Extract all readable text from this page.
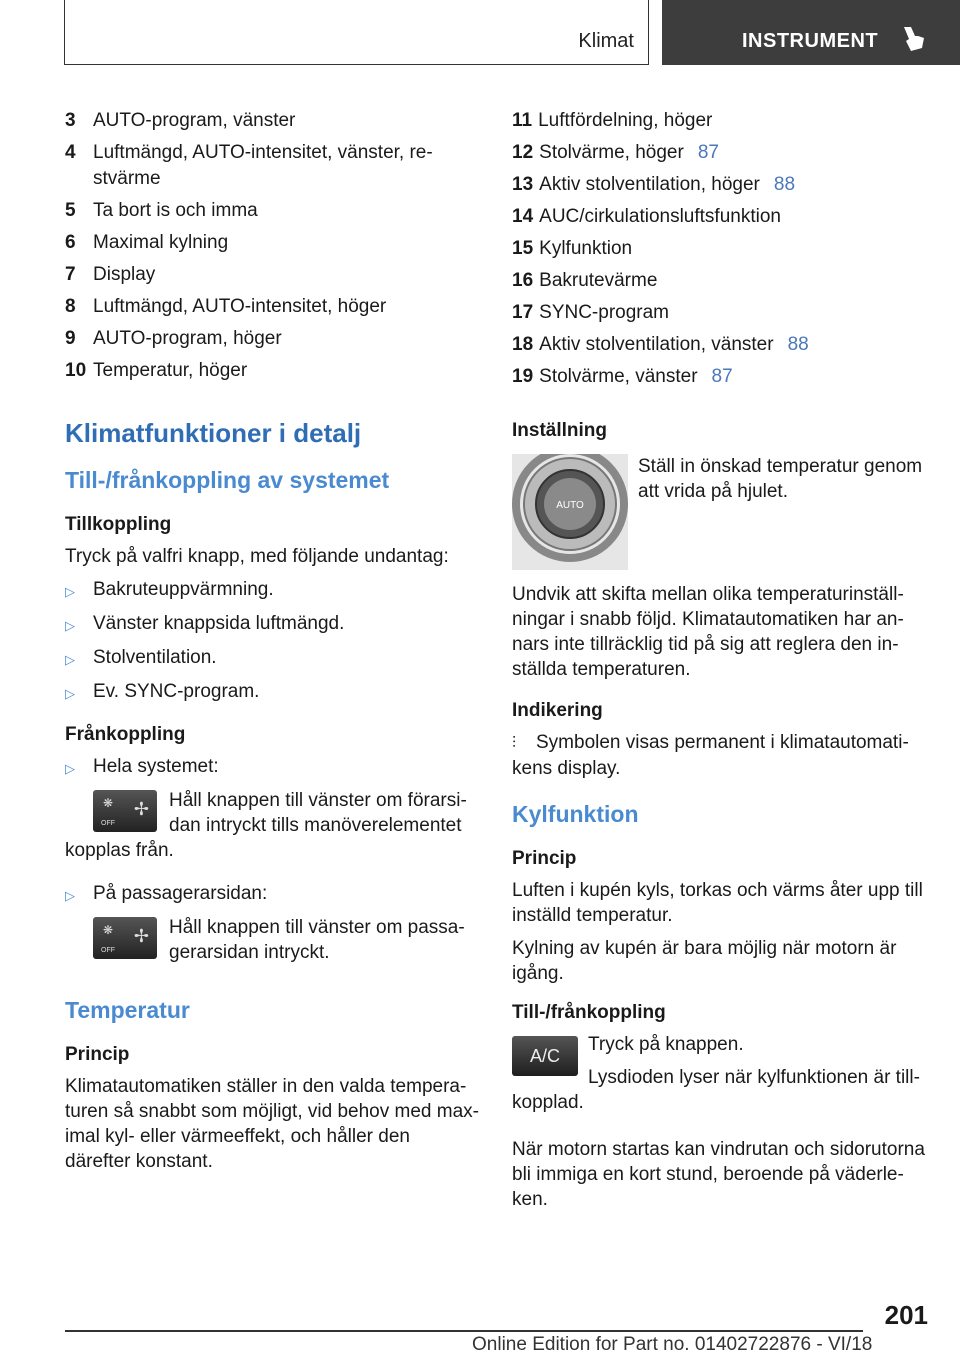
Klimat	INSTRUMENT
3 AUTO-program, vänster
4 Luftmängd, AUTO-intensitet, vänster, restvärme
5 Ta bort is och imma
6 Maximal kylning
7 Display
8 Luftmängd, AUTO-intensitet, höger
9 AUTO-program, höger
10 Temperatur, höger
Klimatfunktioner i detalj
Till-/frånkoppling av systemet
Tillkoppling

Tryck på valfri knapp, med följande undantag:

▷ Bakruteuppvärmning.
▷ Vänster knappsida luftmängd.
▷ Stolventilation.
▷ Ev. SYNC-program.
Frånkoppling
▷ Hela systemet:
❋
OFF
✢	Håll knappen till vänster om förarsidan intryckt tills manöverelementet kopplas från.

▷ På passagerarsidan:
❋
OFF
✢	Håll knappen till vänster om passagerarsidan intryckt.

Temperatur
Princip

Klimatautomatiken ställer in den valda temperaturen så snabbt som möjligt, vid behov med maximal kyl- eller värmeeffekt, och håller den därefter konstant.

11 Luftfördelning, höger
12 Stolvärme, höger 87
13 Aktiv stolventilation, höger 88
14 AUC/cirkulationsluftsfunktion
15 Kylfunktion
16 Bakrutevärme
17 SYNC-program
18 Aktiv stolventilation, vänster 88
19 Stolvärme, vänster 87
Inställning
AUTO

Ställ in önskad temperatur genom att vrida på hjulet.

Undvik att skifta mellan olika temperaturinställningar i snabb följd. Klimatautomatiken har annars inte tillräcklig tid på sig att reglera den inställda temperaturen.

Indikering

⫶ Symbolen visas permanent i klimatautomatikens display.

Kylfunktion
Princip

Luften i kupén kyls, torkas och värms åter upp till inställd temperatur.

Kylning av kupén är bara möjlig när motorn är igång.

Till-/frånkoppling
A/C

Tryck på knappen.

Lysdioden lyser när kylfunktionen är tillkopplad.

När motorn startas kan vindrutan och sidorutorna bli immiga en kort stund, beroende på väderleken.

201
Online Edition for Part no. 01402722876 - VI/18
